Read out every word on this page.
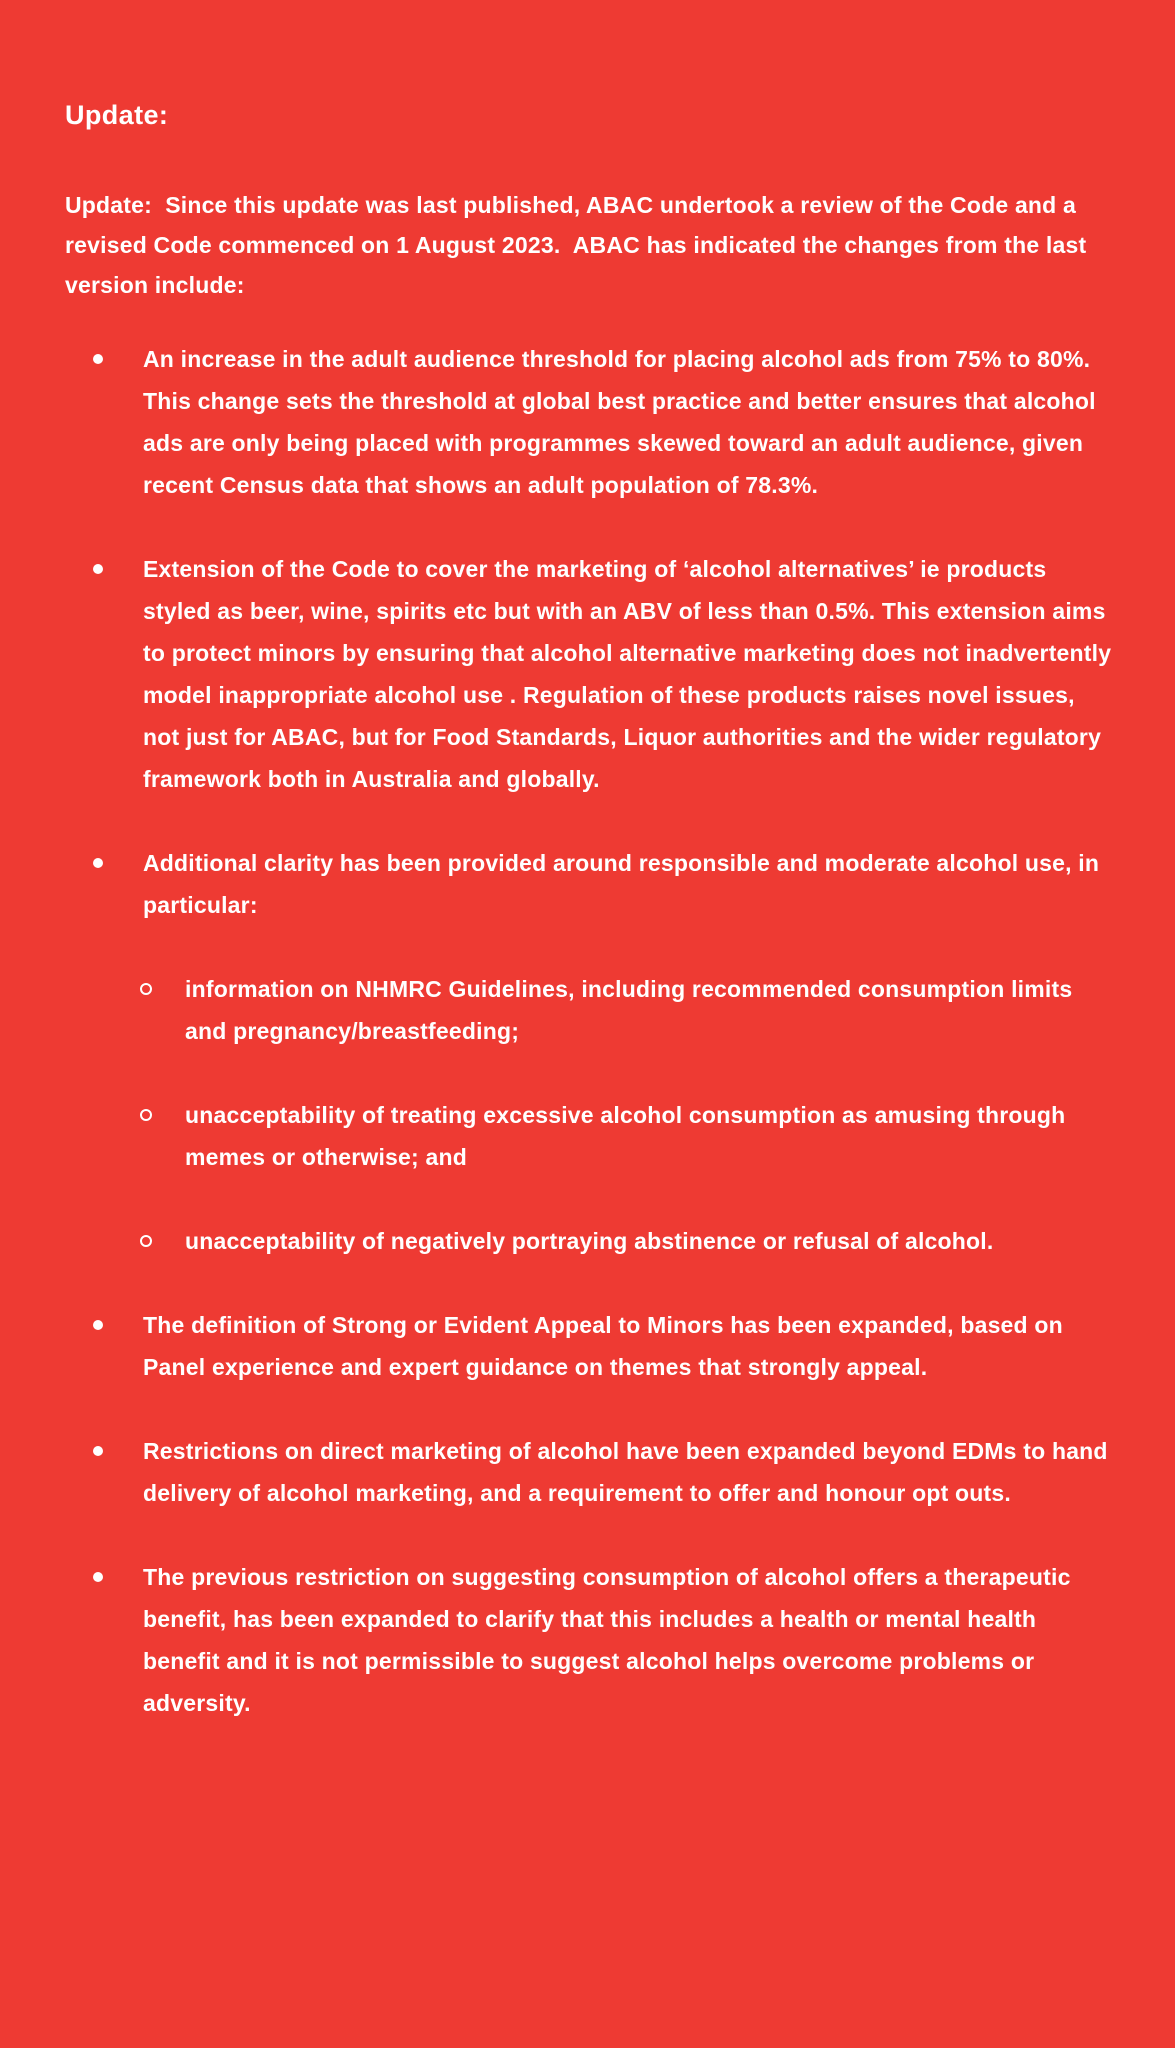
Update:

Update:  Since this update was last published, ABAC undertook a review of the Code and a revised Code commenced on 1 August 2023.  ABAC has indicated the changes from the last version include:

An increase in the adult audience threshold for placing alcohol ads from 75% to 80%. This change sets the threshold at global best practice and better ensures that alcohol ads are only being placed with programmes skewed toward an adult audience, given recent Census data that shows an adult population of 78.3%.
Extension of the Code to cover the marketing of ‘alcohol alternatives’ ie products styled as beer, wine, spirits etc but with an ABV of less than 0.5%. This extension aims to protect minors by ensuring that alcohol alternative marketing does not inadvertently model inappropriate alcohol use . Regulation of these products raises novel issues, not just for ABAC, but for Food Standards, Liquor authorities and the wider regulatory framework both in Australia and globally.
Additional clarity has been provided around responsible and moderate alcohol use, in particular:
information on NHMRC Guidelines, including recommended consumption limits and pregnancy/breastfeeding;
unacceptability of treating excessive alcohol consumption as amusing through memes or otherwise; and
unacceptability of negatively portraying abstinence or refusal of alcohol.
The definition of Strong or Evident Appeal to Minors has been expanded, based on Panel experience and expert guidance on themes that strongly appeal.
Restrictions on direct marketing of alcohol have been expanded beyond EDMs to hand delivery of alcohol marketing, and a requirement to offer and honour opt outs.
The previous restriction on suggesting consumption of alcohol offers a therapeutic benefit, has been expanded to clarify that this includes a health or mental health benefit and it is not permissible to suggest alcohol helps overcome problems or adversity.
